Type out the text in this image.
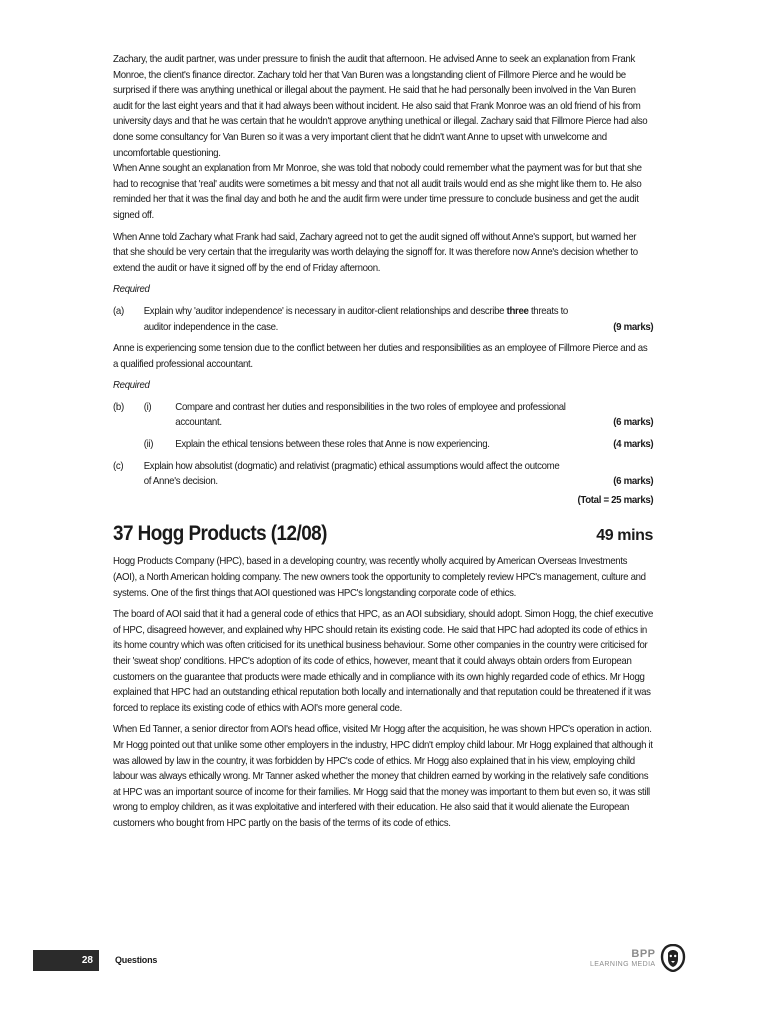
Zachary, the audit partner, was under pressure to finish the audit that afternoon. He advised Anne to seek an explanation from Frank Monroe, the client's finance director. Zachary told her that Van Buren was a longstanding client of Fillmore Pierce and he would be surprised if there was anything unethical or illegal about the payment. He said that he had personally been involved in the Van Buren audit for the last eight years and that it had always been without incident. He also said that Frank Monroe was an old friend of his from university days and that he was certain that he wouldn't approve anything unethical or illegal. Zachary said that Fillmore Pierce had also done some consultancy for Van Buren so it was a very important client that he didn't want Anne to upset with unwelcome and uncomfortable questioning.

When Anne sought an explanation from Mr Monroe, she was told that nobody could remember what the payment was for but that she had to recognise that 'real' audits were sometimes a bit messy and that not all audit trails would end as she might like them to. He also reminded her that it was the final day and both he and the audit firm were under time pressure to conclude business and get the audit signed off.

When Anne told Zachary what Frank had said, Zachary agreed not to get the audit signed off without Anne's support, but warned her that she should be very certain that the irregularity was worth delaying the signoff for. It was therefore now Anne's decision whether to extend the audit or have it signed off by the end of Friday afternoon.

Required

(a)	Explain why 'auditor independence' is necessary in auditor-client relationships and describe three threats to
auditor independence in the case.	(9 marks)

Anne is experiencing some tension due to the conflict between her duties and responsibilities as an employee of Fillmore Pierce and as a qualified professional accountant.

Required

(b)	(i)	Compare and contrast her duties and responsibilities in the two roles of employee and professional
accountant.	(6 marks)
(ii)	Explain the ethical tensions between these roles that Anne is now experiencing.	(4 marks)
(c)	Explain how absolutist (dogmatic) and relativist (pragmatic) ethical assumptions would affect the outcome
of Anne's decision.	(6 marks)
(Total = 25 marks)
37 Hogg Products (12/08)	49 mins

Hogg Products Company (HPC), based in a developing country, was recently wholly acquired by American Overseas Investments (AOI), a North American holding company. The new owners took the opportunity to completely review HPC's management, culture and systems. One of the first things that AOI questioned was HPC's longstanding corporate code of ethics.

The board of AOI said that it had a general code of ethics that HPC, as an AOI subsidiary, should adopt. Simon Hogg, the chief executive of HPC, disagreed however, and explained why HPC should retain its existing code. He said that HPC had adopted its code of ethics in its home country which was often criticised for its unethical business behaviour. Some other companies in the country were criticised for their 'sweat shop' conditions. HPC's adoption of its code of ethics, however, meant that it could always obtain orders from European customers on the guarantee that products were made ethically and in compliance with its own highly regarded code of ethics. Mr Hogg explained that HPC had an outstanding ethical reputation both locally and internationally and that reputation could be threatened if it was forced to replace its existing code of ethics with AOI's more general code.

When Ed Tanner, a senior director from AOI's head office, visited Mr Hogg after the acquisition, he was shown HPC's operation in action. Mr Hogg pointed out that unlike some other employers in the industry, HPC didn't employ child labour. Mr Hogg explained that although it was allowed by law in the country, it was forbidden by HPC's code of ethics. Mr Hogg also explained that in his view, employing child labour was always ethically wrong. Mr Tanner asked whether the money that children earned by working in the relatively safe conditions at HPC was an important source of income for their families. Mr Hogg said that the money was important to them but even so, it was still wrong to employ children, as it was exploitative and interfered with their education. He also said that it would alienate the European customers who bought from HPC partly on the basis of the terms of its code of ethics.

28 Questions
BPP
LEARNING MEDIA
